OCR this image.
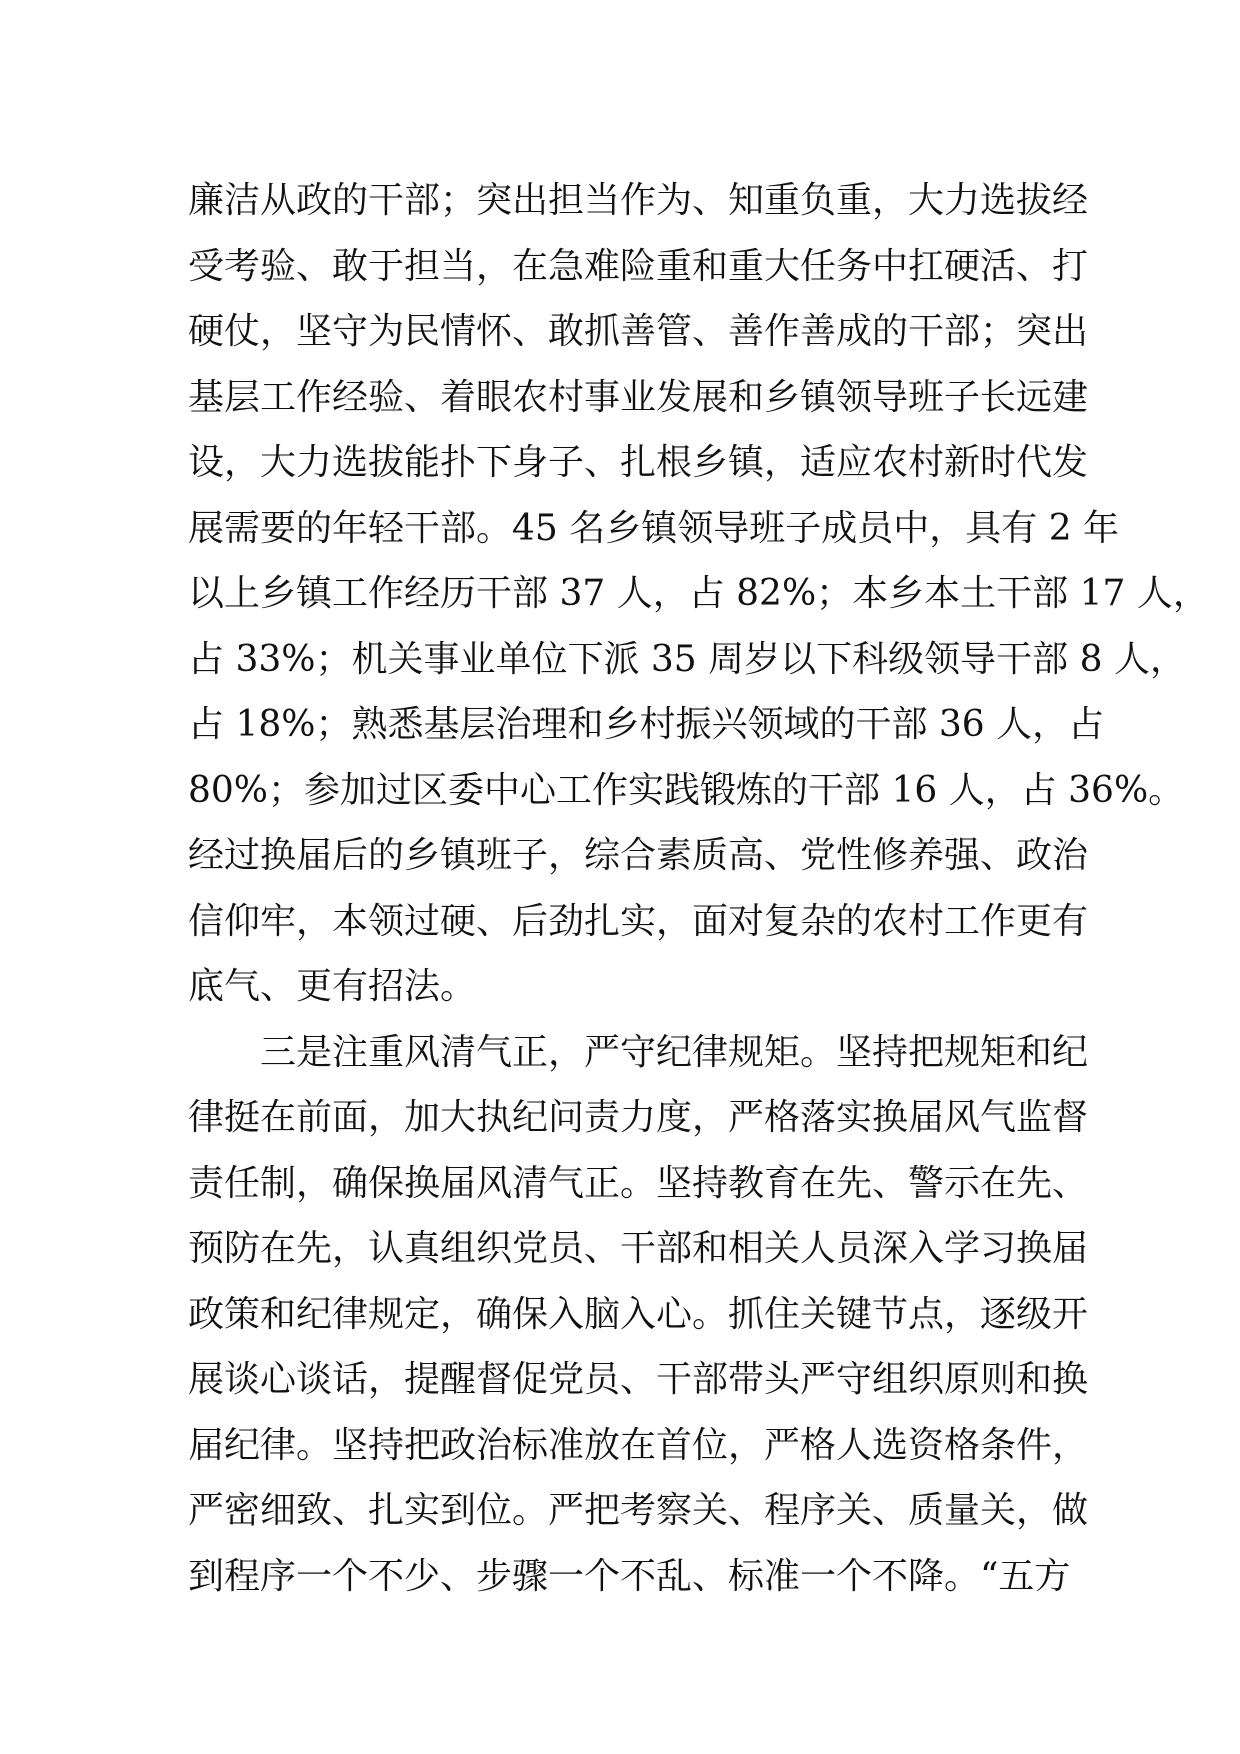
廉洁从政的干部；突出担当作为、知重负重，大力选拔经
受考验、敢于担当，在急难险重和重大任务中扛硬活、打
硬仗，坚守为民情怀、敢抓善管、善作善成的干部；突出
基层工作经验、着眼农村事业发展和乡镇领导班子长远建
设，大力选拔能扑下身子、扎根乡镇，适应农村新时代发
展需要的年轻干部。45 名乡镇领导班子成员中，具有 2 年
以上乡镇工作经历干部 37 人，占 82%；本乡本土干部 17 人，
占 33%；机关事业单位下派 35 周岁以下科级领导干部 8 人，
占 18%；熟悉基层治理和乡村振兴领域的干部 36 人，占
80%；参加过区委中心工作实践锻炼的干部 16 人，占 36%。
经过换届后的乡镇班子，综合素质高、党性修养强、政治
信仰牢，本领过硬、后劲扎实，面对复杂的农村工作更有
底气、更有招法。
三是注重风清气正，严守纪律规矩。坚持把规矩和纪
律挺在前面，加大执纪问责力度，严格落实换届风气监督
责任制，确保换届风清气正。坚持教育在先、警示在先、
预防在先，认真组织党员、干部和相关人员深入学习换届
政策和纪律规定，确保入脑入心。抓住关键节点，逐级开
展谈心谈话，提醒督促党员、干部带头严守组织原则和换
届纪律。坚持把政治标准放在首位，严格人选资格条件，
严密细致、扎实到位。严把考察关、程序关、质量关，做
到程序一个不少、步骤一个不乱、标准一个不降。“五方
